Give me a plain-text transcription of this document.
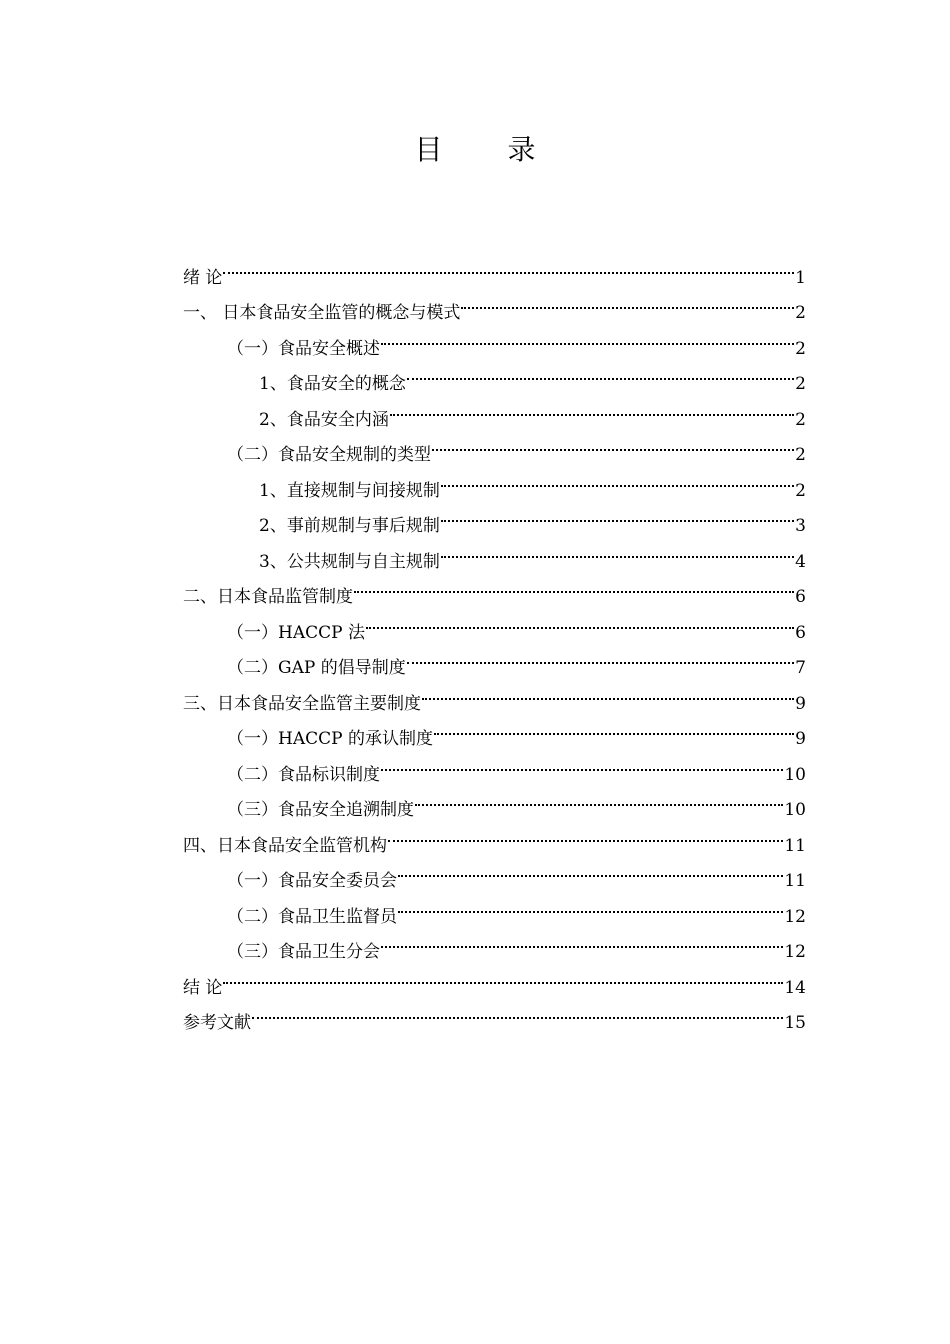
目 录
绪 论	1
一、 日本食品安全监管的概念与模式	2
（一）食品安全概述	2
1、食品安全的概念	2
2、食品安全内涵	2
（二）食品安全规制的类型	2
1、直接规制与间接规制	2
2、事前规制与事后规制	3
3、公共规制与自主规制	4
二、日本食品监管制度	6
（一）HACCP 法	6
（二）GAP 的倡导制度	7
三、日本食品安全监管主要制度	9
（一）HACCP 的承认制度	9
（二）食品标识制度	10
（三）食品安全追溯制度	10
四、日本食品安全监管机构	11
（一）食品安全委员会	11
（二）食品卫生监督员	12
（三）食品卫生分会	12
结 论	14
参考文献	15
